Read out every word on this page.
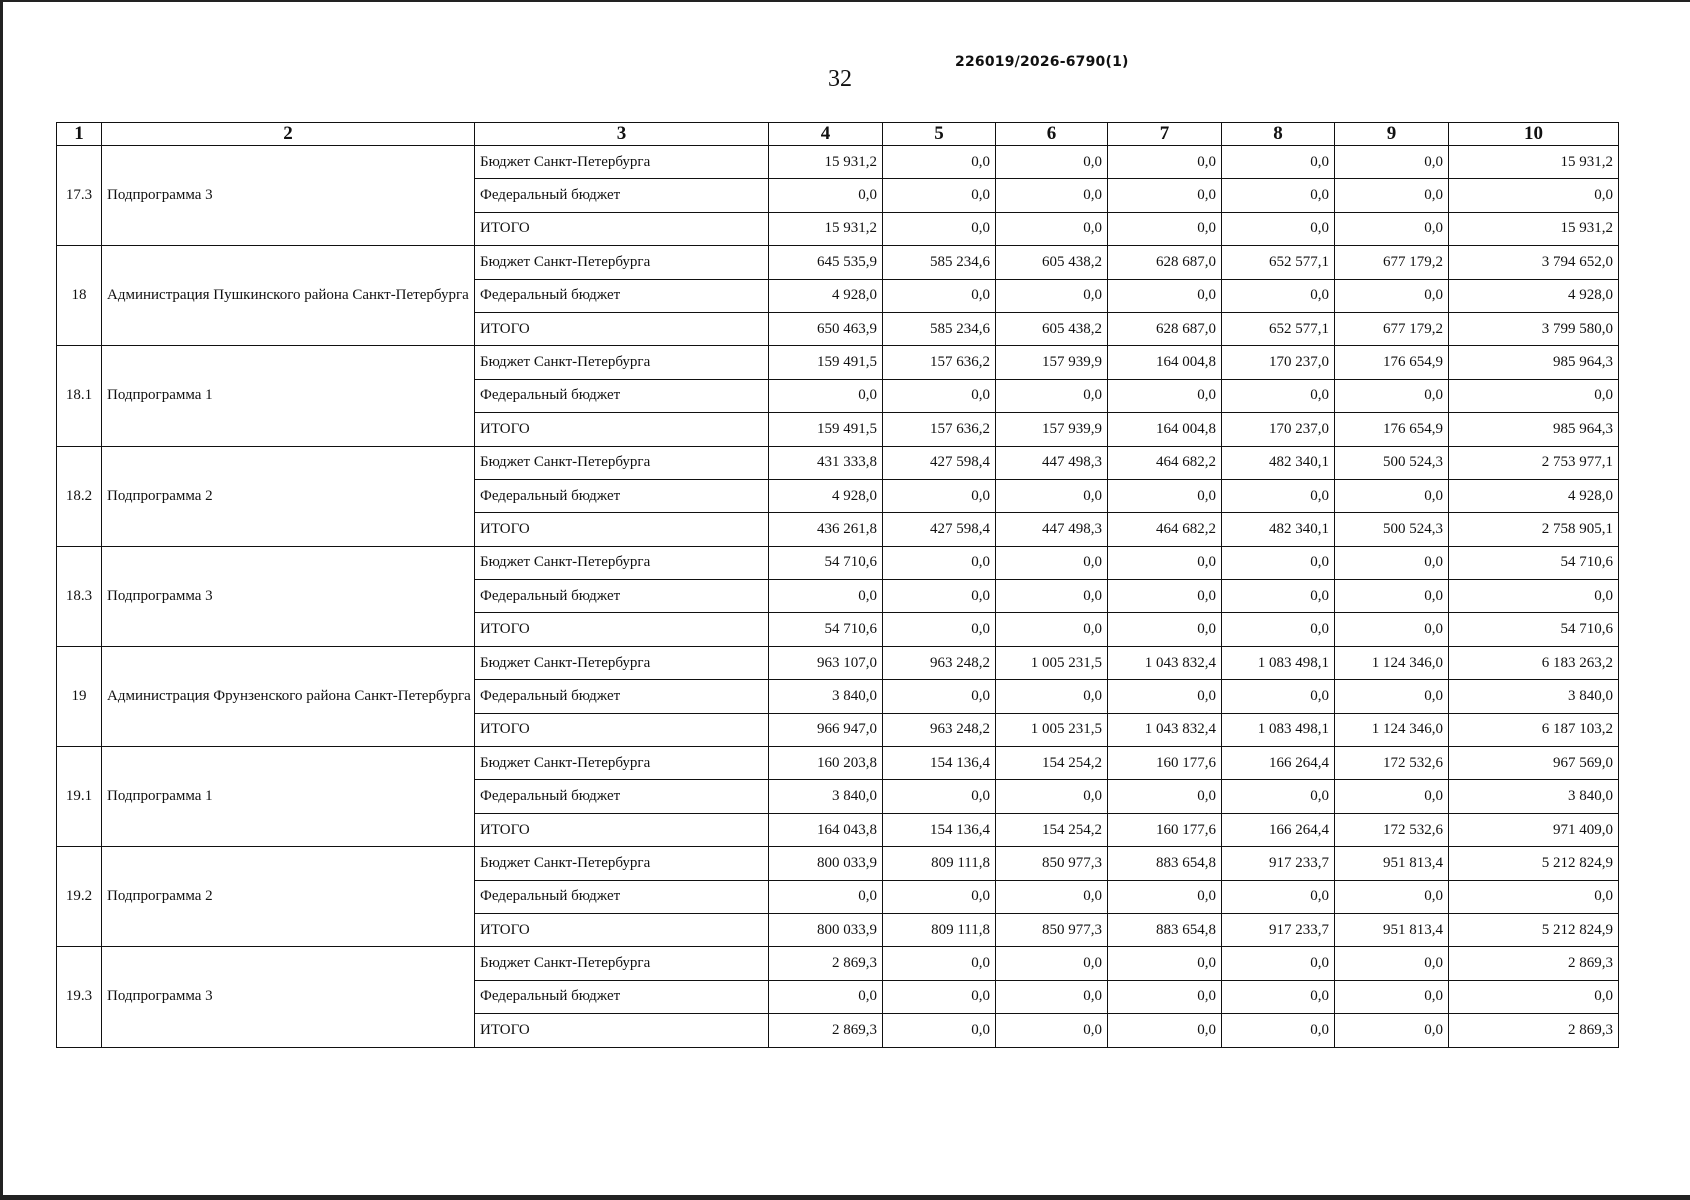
226019/2026-6790(1)
32
1	2	3	4	5	6	7	8	9	10
17.3	Подпрограмма 3	Бюджет Санкт-Петербурга	15 931,2	0,0	0,0	0,0	0,0	0,0	15 931,2
		Федеральный бюджет	0,0	0,0	0,0	0,0	0,0	0,0	0,0
		ИТОГО	15 931,2	0,0	0,0	0,0	0,0	0,0	15 931,2
18	Администрация Пушкинского района Санкт-Петербурга	Бюджет Санкт-Петербурга	645 535,9	585 234,6	605 438,2	628 687,0	652 577,1	677 179,2	3 794 652,0
		Федеральный бюджет	4 928,0	0,0	0,0	0,0	0,0	0,0	4 928,0
		ИТОГО	650 463,9	585 234,6	605 438,2	628 687,0	652 577,1	677 179,2	3 799 580,0
18.1	Подпрограмма 1	Бюджет Санкт-Петербурга	159 491,5	157 636,2	157 939,9	164 004,8	170 237,0	176 654,9	985 964,3
		Федеральный бюджет	0,0	0,0	0,0	0,0	0,0	0,0	0,0
		ИТОГО	159 491,5	157 636,2	157 939,9	164 004,8	170 237,0	176 654,9	985 964,3
18.2	Подпрограмма 2	Бюджет Санкт-Петербурга	431 333,8	427 598,4	447 498,3	464 682,2	482 340,1	500 524,3	2 753 977,1
		Федеральный бюджет	4 928,0	0,0	0,0	0,0	0,0	0,0	4 928,0
		ИТОГО	436 261,8	427 598,4	447 498,3	464 682,2	482 340,1	500 524,3	2 758 905,1
18.3	Подпрограмма 3	Бюджет Санкт-Петербурга	54 710,6	0,0	0,0	0,0	0,0	0,0	54 710,6
		Федеральный бюджет	0,0	0,0	0,0	0,0	0,0	0,0	0,0
		ИТОГО	54 710,6	0,0	0,0	0,0	0,0	0,0	54 710,6
19	Администрация Фрунзенского района Санкт-Петербурга	Бюджет Санкт-Петербурга	963 107,0	963 248,2	1 005 231,5	1 043 832,4	1 083 498,1	1 124 346,0	6 183 263,2
		Федеральный бюджет	3 840,0	0,0	0,0	0,0	0,0	0,0	3 840,0
		ИТОГО	966 947,0	963 248,2	1 005 231,5	1 043 832,4	1 083 498,1	1 124 346,0	6 187 103,2
19.1	Подпрограмма 1	Бюджет Санкт-Петербурга	160 203,8	154 136,4	154 254,2	160 177,6	166 264,4	172 532,6	967 569,0
		Федеральный бюджет	3 840,0	0,0	0,0	0,0	0,0	0,0	3 840,0
		ИТОГО	164 043,8	154 136,4	154 254,2	160 177,6	166 264,4	172 532,6	971 409,0
19.2	Подпрограмма 2	Бюджет Санкт-Петербурга	800 033,9	809 111,8	850 977,3	883 654,8	917 233,7	951 813,4	5 212 824,9
		Федеральный бюджет	0,0	0,0	0,0	0,0	0,0	0,0	0,0
		ИТОГО	800 033,9	809 111,8	850 977,3	883 654,8	917 233,7	951 813,4	5 212 824,9
19.3	Подпрограмма 3	Бюджет Санкт-Петербурга	2 869,3	0,0	0,0	0,0	0,0	0,0	2 869,3
		Федеральный бюджет	0,0	0,0	0,0	0,0	0,0	0,0	0,0
		ИТОГО	2 869,3	0,0	0,0	0,0	0,0	0,0	2 869,3
